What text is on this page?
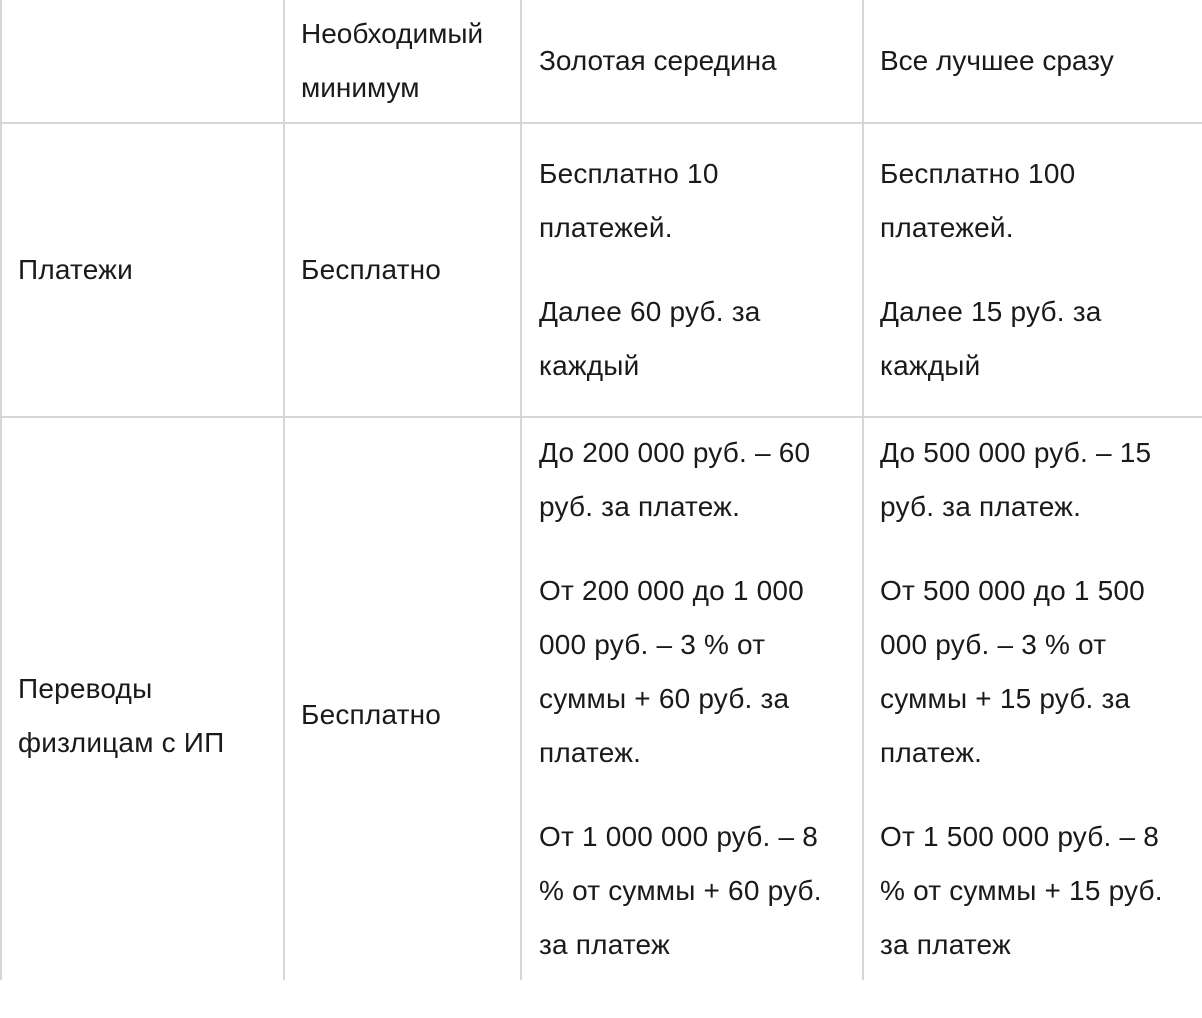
Необходимый минимум
Золотая середина	Все лучшее сразу
Платежи	Бесплатно

Бесплатно 10 платежей.

Далее 60 руб. за каждый

Бесплатно 100 платежей.

Далее 15 руб. за каждый

Переводы физлицам с ИП
Бесплатно

До 200 000 руб. – 60 руб. за платеж.

От 200 000 до 1 000 000 руб. – 3 % от суммы + 60 руб. за платеж.

От 1 000 000 руб. – 8 % от суммы + 60 руб. за платеж

До 500 000 руб. – 15 руб. за платеж.

От 500 000 до 1 500 000 руб. – 3 % от суммы + 15 руб. за платеж.

От 1 500 000 руб. – 8 % от суммы + 15 руб. за платеж
